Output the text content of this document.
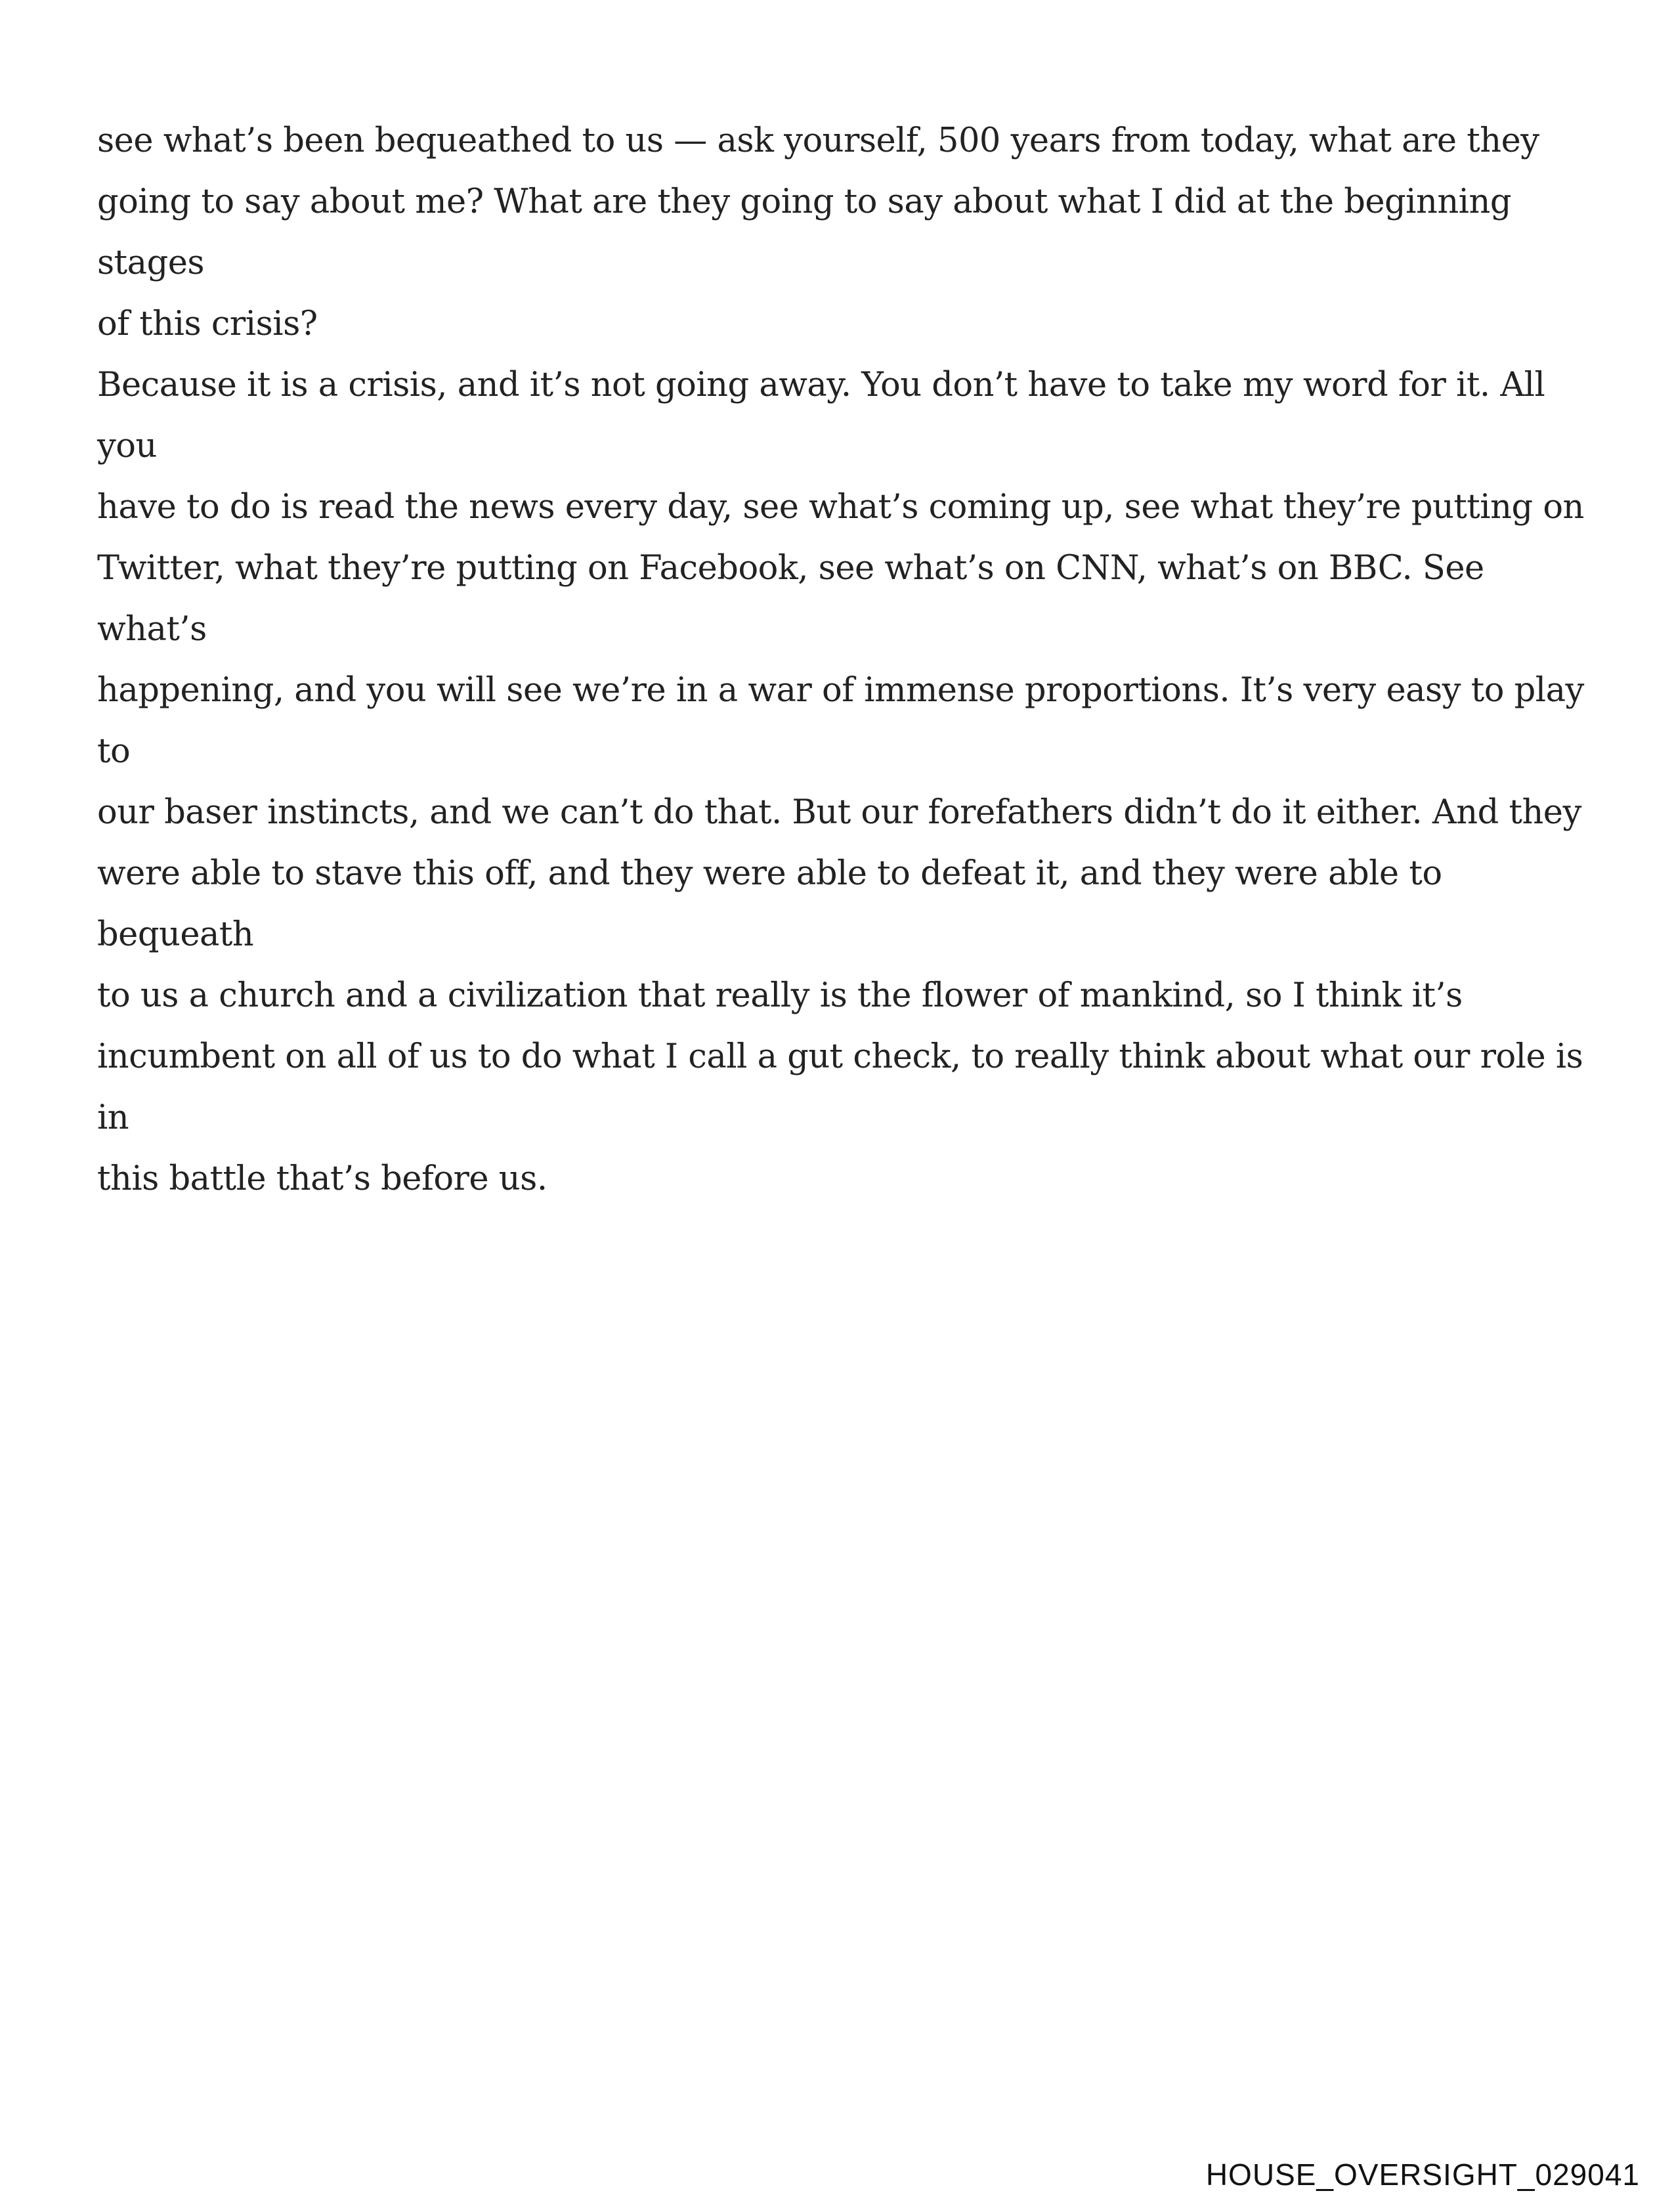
see what’s been bequeathed to us — ask yourself, 500 years from today, what are they
going to say about me? What are they going to say about what I did at the beginning stages
of this crisis?

Because it is a crisis, and it’s not going away. You don’t have to take my word for it. All you
have to do is read the news every day, see what’s coming up, see what they’re putting on
Twitter, what they’re putting on Facebook, see what’s on CNN, what’s on BBC. See what’s
happening, and you will see we’re in a war of immense proportions. It’s very easy to play to
our baser instincts, and we can’t do that. But our forefathers didn’t do it either. And they
were able to stave this off, and they were able to defeat it, and they were able to bequeath
to us a church and a civilization that really is the flower of mankind, so I think it’s
incumbent on all of us to do what I call a gut check, to really think about what our role is in
this battle that’s before us.

HOUSE_OVERSIGHT_029041
